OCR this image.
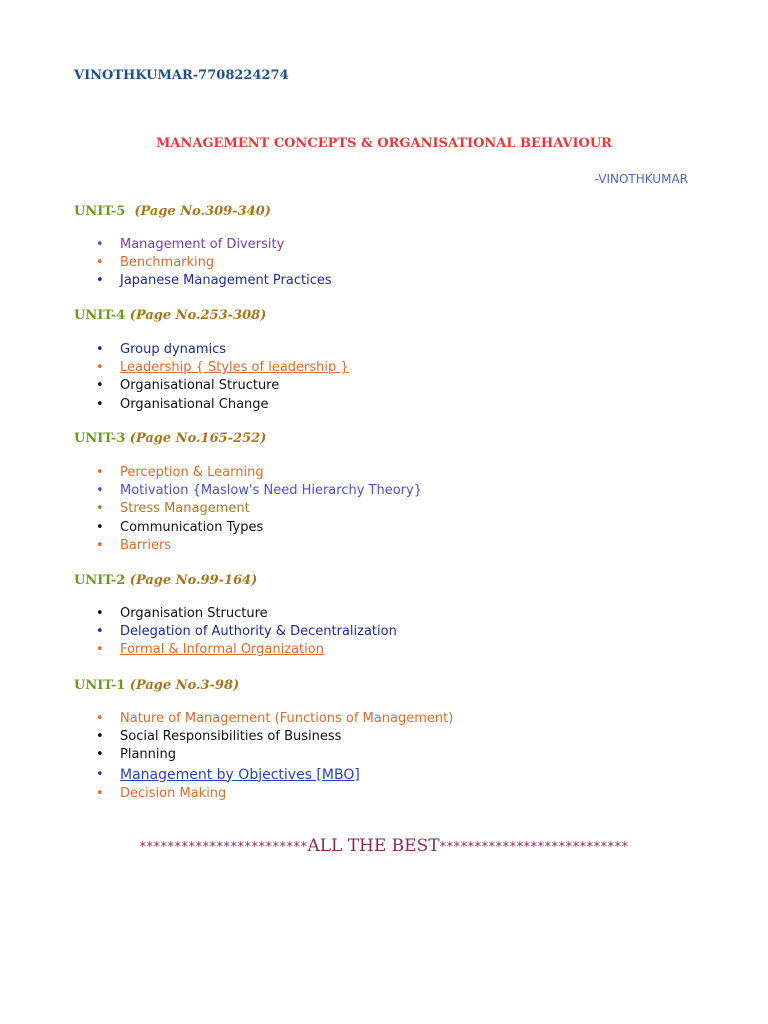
VINOTHKUMAR-7708224274
MANAGEMENT CONCEPTS & ORGANISATIONAL BEHAVIOUR
-VINOTHKUMAR
UNIT-5 (Page No.309-340)
• Management of Diversity
• Benchmarking
• Japanese Management Practices
UNIT-4 (Page No.253-308)
• Group dynamics
• Leadership { Styles of leadership }
• Organisational Structure
• Organisational Change
UNIT-3 (Page No.165-252)
• Perception & Learning
• Motivation {Maslow's Need Hierarchy Theory}
• Stress Management
• Communication Types
• Barriers
UNIT-2 (Page No.99-164)
• Organisation Structure
• Delegation of Authority & Decentralization
• Formal & Informal Organization
UNIT-1 (Page No.3-98)
• Nature of Management (Functions of Management)
• Social Responsibilities of Business
• Planning
• Management by Objectives [MBO]
• Decision Making
************************ALL THE BEST***************************
